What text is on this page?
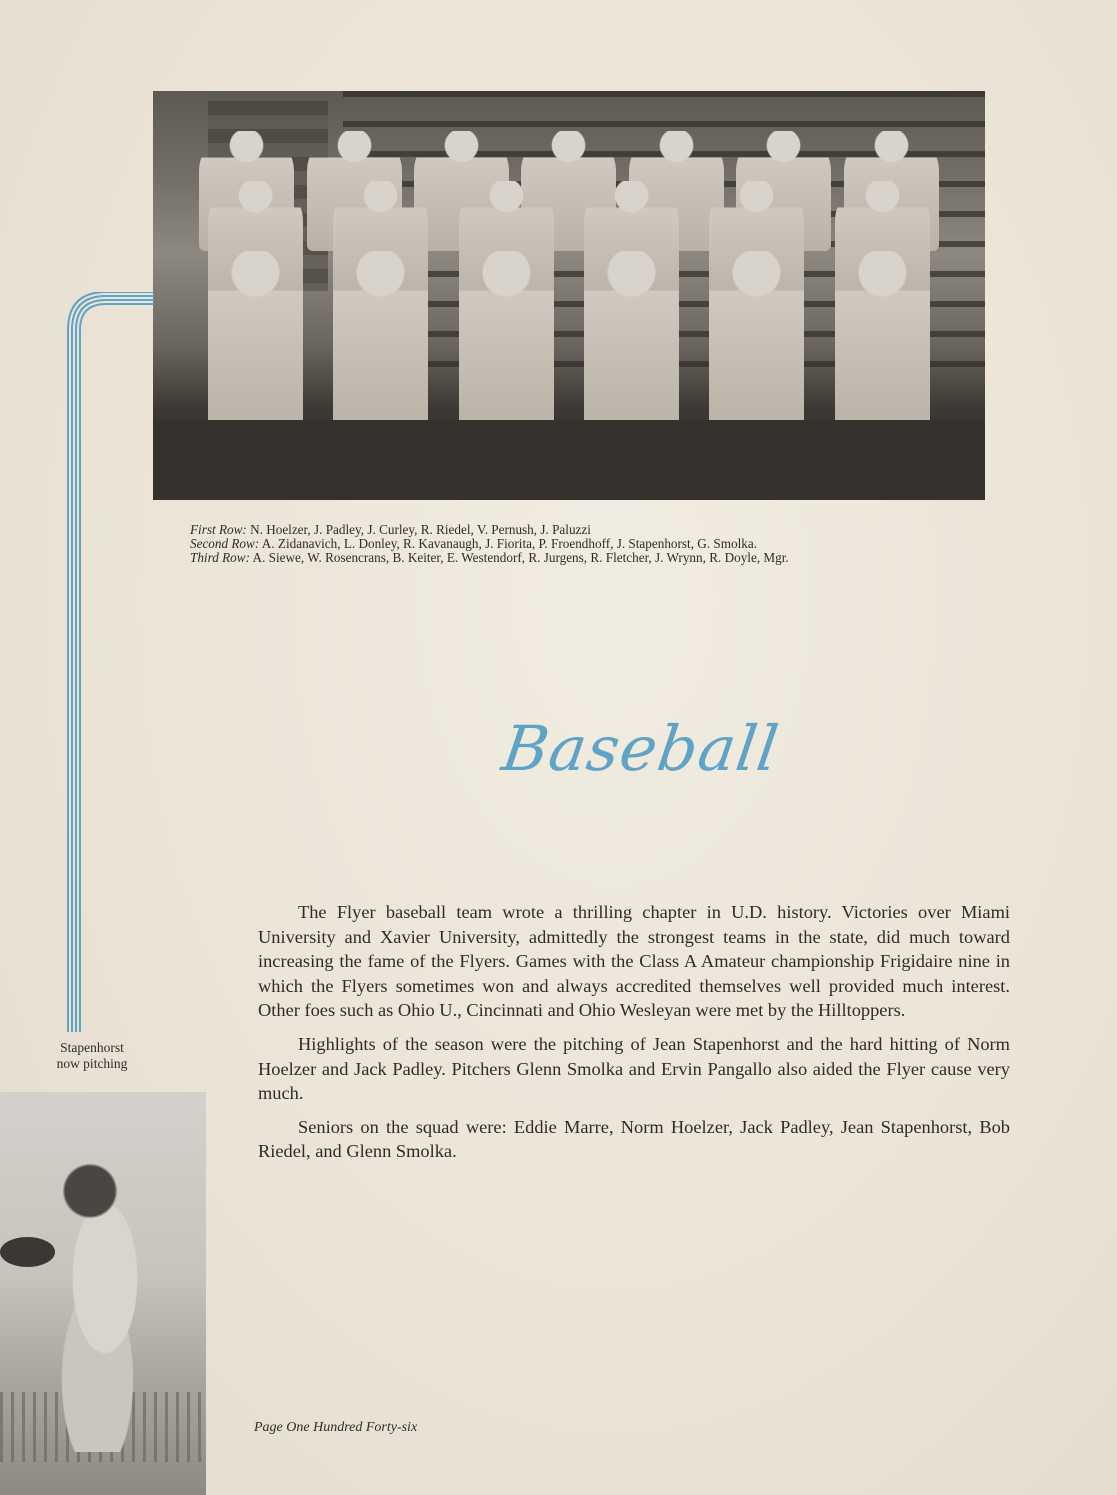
First Row: N. Hoelzer, J. Padley, J. Curley, R. Riedel, V. Pernush, J. Paluzzi

Second Row: A. Zidanavich, L. Donley, R. Kavanaugh, J. Fiorita, P. Froendhoff, J. Stapenhorst, G. Smolka.

Third Row: A. Siewe, W. Rosencrans, B. Keiter, E. Westendorf, R. Jurgens, R. Fletcher, J. Wrynn, R. Doyle, Mgr.

Baseball

The Flyer baseball team wrote a thrilling chapter in U.D. history. Victories over Miami University and Xavier University, admittedly the strongest teams in the state, did much toward increasing the fame of the Flyers. Games with the Class A Amateur championship Frigidaire nine in which the Flyers sometimes won and always accredited themselves well provided much interest. Other foes such as Ohio U., Cincinnati and Ohio Wesleyan were met by the Hilltoppers.

Highlights of the season were the pitching of Jean Stapenhorst and the hard hitting of Norm Hoelzer and Jack Padley. Pitchers Glenn Smolka and Ervin Pangallo also aided the Flyer cause very much.

Seniors on the squad were: Eddie Marre, Norm Hoelzer, Jack Padley, Jean Stapenhorst, Bob Riedel, and Glenn Smolka.

Stapenhorst
now pitching
Page One Hundred Forty-six
